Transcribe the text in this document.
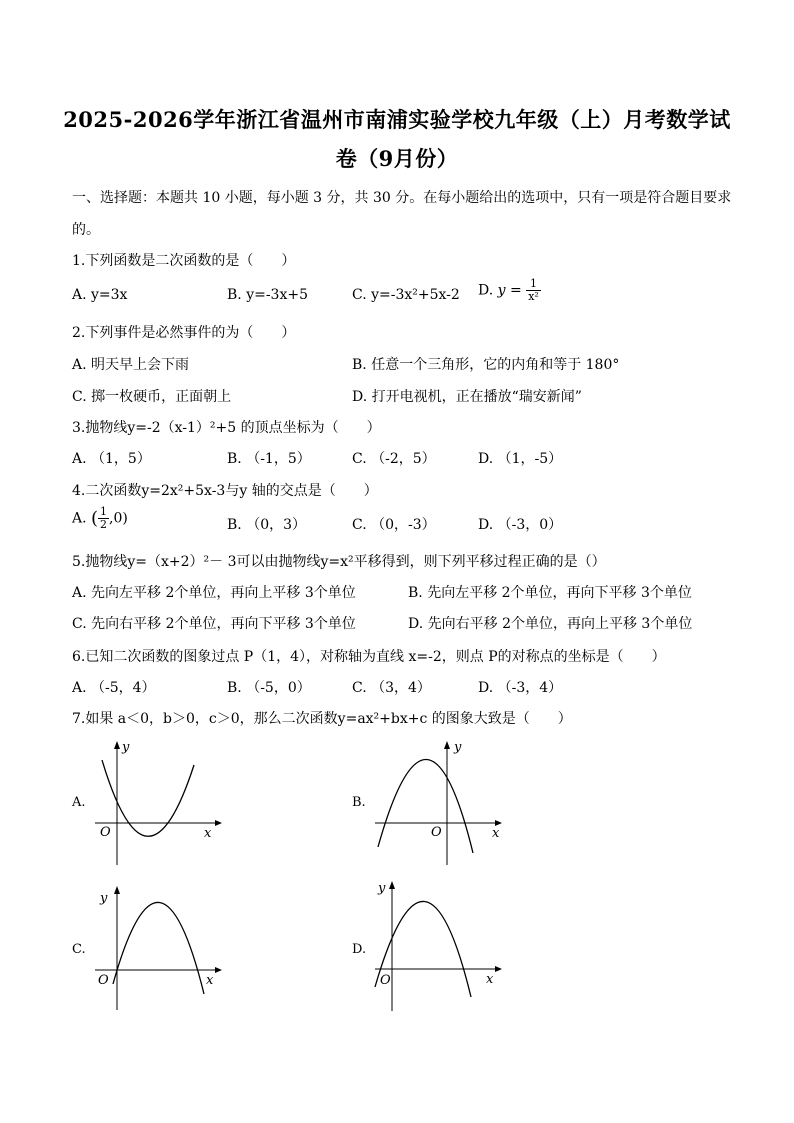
2025-2026学年浙江省温州市南浦实验学校九年级（上）月考数学试
卷（9月份）
一、选择题：本题共 10 小题，每小题 3 分，共 30 分。在每小题给出的选项中，只有一项是符合题目要求
的。
1.下列函数是二次函数的是（　　）
A. y=3x	B. y=-3x+5	C. y=-3x²+5x-2 D. $y = \frac{1}{\text{x²}}$
2.下列事件是必然事件的为（　　）
A. 明天早上会下雨	B. 任意一个三角形，它的内角和等于 180°
C. 掷一枚硬币，正面朝上	D. 打开电视机，正在播放“瑞安新闻”
3.抛物线y=-2（x-1）²+5 的顶点坐标为（　　）
A. （1，5）	B. （-1，5）	C. （-2，5）	D. （1，-5）
4.二次函数y=2x²+5x-3与y 轴的交点是（　　）
A. ( $\frac{1}{2} ,0$)	B. （0，3）	C. （0，-3）	D. （-3，0）
5.抛物线y=（x+2）²－ 3可以由抛物线y=x²平移得到，则下列平移过程正确的是（）
A. 先向左平移 2个单位，再向上平移 3个单位	B. 先向左平移 2个单位，再向下平移 3个单位
C. 先向右平移 2个单位，再向下平移 3个单位	D. 先向右平移 2个单位，再向上平移 3个单位
6.已知二次函数的图象过点 P（1，4），对称轴为直线 x=-2，则点 P的对称点的坐标是（　　）
A. （-5，4）	B. （-5，0）	C. （3，4）	D. （-3，4）
7.如果 a＜0，b＞0，c＞0，那么二次函数y=ax²+bx+c 的图象大致是（　　）
A.	B.
C.	D.
y
x
O
y
x
O
y
x
O
y
x
O
